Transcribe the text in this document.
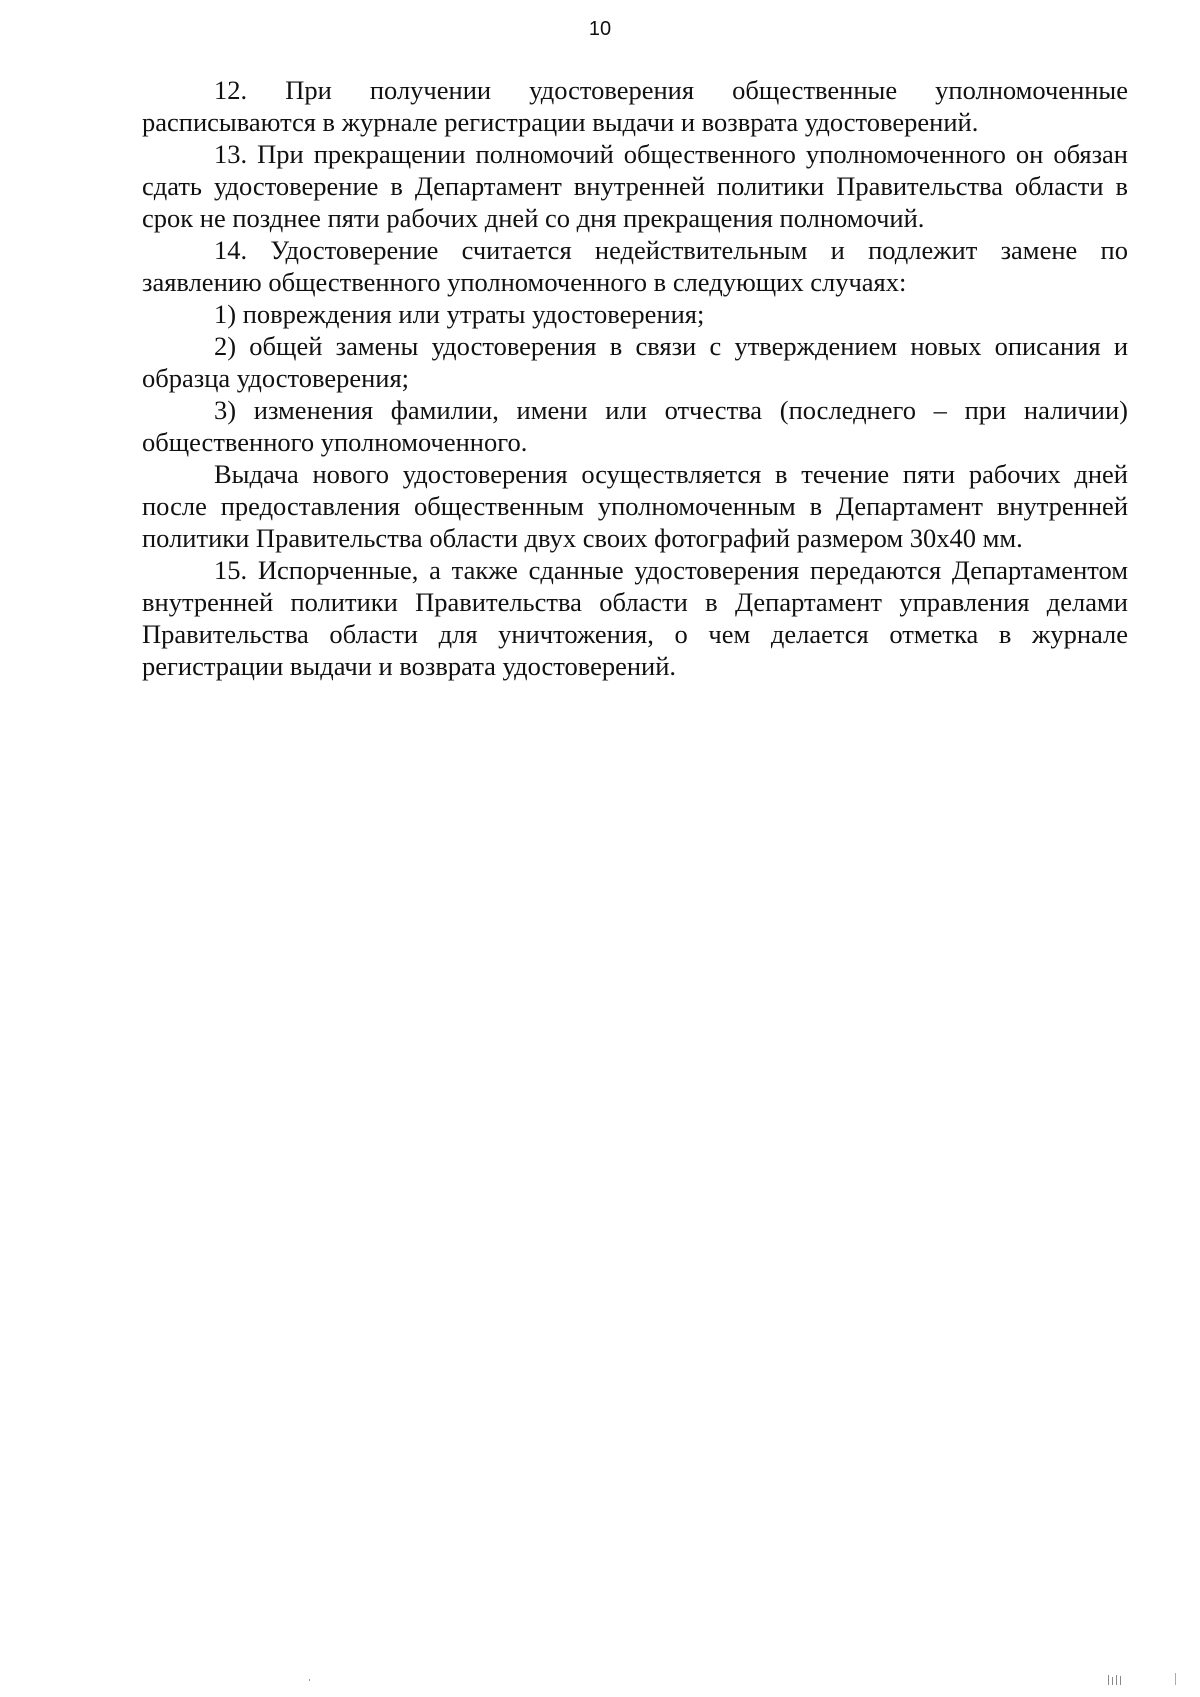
10

12. При получении удостоверения общественные уполномоченные расписываются в журнале регистрации выдачи и возврата удостоверений.

13. При прекращении полномочий общественного уполномоченного он обязан сдать удостоверение в Департамент внутренней политики Правительства области в срок не позднее пяти рабочих дней со дня прекращения полномочий.

14. Удостоверение считается недействительным и подлежит замене по заявлению общественного уполномоченного в следующих случаях:

1) повреждения или утраты удостоверения;

2) общей замены удостоверения в связи с утверждением новых описания и образца удостоверения;

3) изменения фамилии, имени или отчества (последнего – при наличии) общественного уполномоченного.

Выдача нового удостоверения осуществляется в течение пяти рабочих дней после предоставления общественным уполномоченным в Департамент внутренней политики Правительства области двух своих фотографий размером 30х40 мм.

15. Испорченные, а также сданные удостоверения передаются Департаментом внутренней политики Правительства области в Департамент управления делами Правительства области для уничтожения, о чем делается отметка в журнале регистрации выдачи и возврата удостоверений.
